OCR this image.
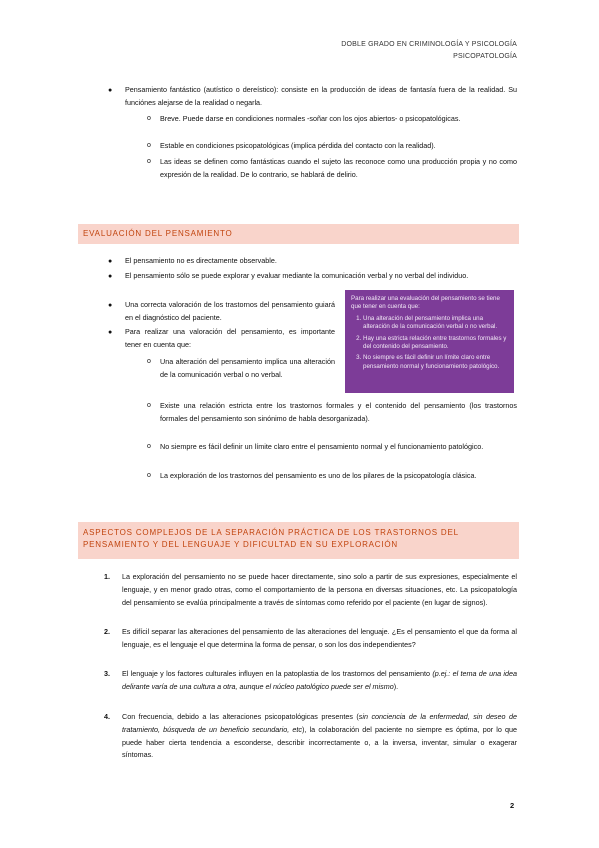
DOBLE GRADO EN CRIMINOLOGÍA Y PSICOLOGÍA
PSICOPATOLOGÍA
● Pensamiento fantástico (autístico o dereístico): consiste en la producción de ideas de fantasía fuera de la realidad. Su funciónes alejarse de la realidad o negarla.
o Breve. Puede darse en condiciones normales -soñar con los ojos abiertos- o psicopatológicas.
o Estable en condiciones psicopatológicas (implica pérdida del contacto con la realidad).
o Las ideas se definen como fantásticas cuando el sujeto las reconoce como una producción propia y no como expresión de la realidad. De lo contrario, se hablará de delirio.
EVALUACIÓN DEL PENSAMIENTO
● El pensamiento no es directamente observable.
● El pensamiento sólo se puede explorar y evaluar mediante la comunicación verbal y no verbal del individuo.
● Una correcta valoración de los trastornos del pensamiento guiará en el diagnóstico del paciente.
● Para realizar una valoración del pensamiento, es importante tener en cuenta que:
o Una alteración del pensamiento implica una alteración de la comunicación verbal o no verbal.
o Existe una relación estricta entre los trastornos formales y el contenido del pensamiento (los trastornos formales del pensamiento son sinónimo de habla desorganizada).
o No siempre es fácil definir un límite claro entre el pensamiento normal y el funcionamiento patológico.
o La exploración de los trastornos del pensamiento es uno de los pilares de la psicopatología clásica.
Para realizar una evaluación del pensamiento se tiene que tener en cuenta que:
1. Una alteración del pensamiento implica una alteración de la comunicación verbal o no verbal.
2. Hay una estricta relación entre trastornos formales y del contenido del pensamiento.
3. No siempre es fácil definir un límite claro entre pensamiento normal y funcionamiento patológico.
ASPECTOS COMPLEJOS DE LA SEPARACIÓN PRÁCTICA DE LOS TRASTORNOS DEL PENSAMIENTO Y DEL LENGUAJE Y DIFICULTAD EN SU EXPLORACIÓN
1. La exploración del pensamiento no se puede hacer directamente, sino solo a partir de sus expresiones, especialmente el lenguaje, y en menor grado otras, como el comportamiento de la persona en diversas situaciones, etc. La psicopatología del pensamiento se evalúa principalmente a través de síntomas como referido por el paciente (en lugar de signos).
2. Es difícil separar las alteraciones del pensamiento de las alteraciones del lenguaje. ¿Es el pensamiento el que da forma al lenguaje, es el lenguaje el que determina la forma de pensar, o son los dos independientes?
3. El lenguaje y los factores culturales influyen en la patoplastia de los trastornos del pensamiento (p.ej.: el tema de una idea delirante varía de una cultura a otra, aunque el núcleo patológico puede ser el mismo).
4. Con frecuencia, debido a las alteraciones psicopatológicas presentes (sin conciencia de la enfermedad, sin deseo de tratamiento, búsqueda de un beneficio secundario, etc), la colaboración del paciente no siempre es óptima, por lo que puede haber cierta tendencia a esconderse, describir incorrectamente o, a la inversa, inventar, simular o exagerar síntomas.
2
